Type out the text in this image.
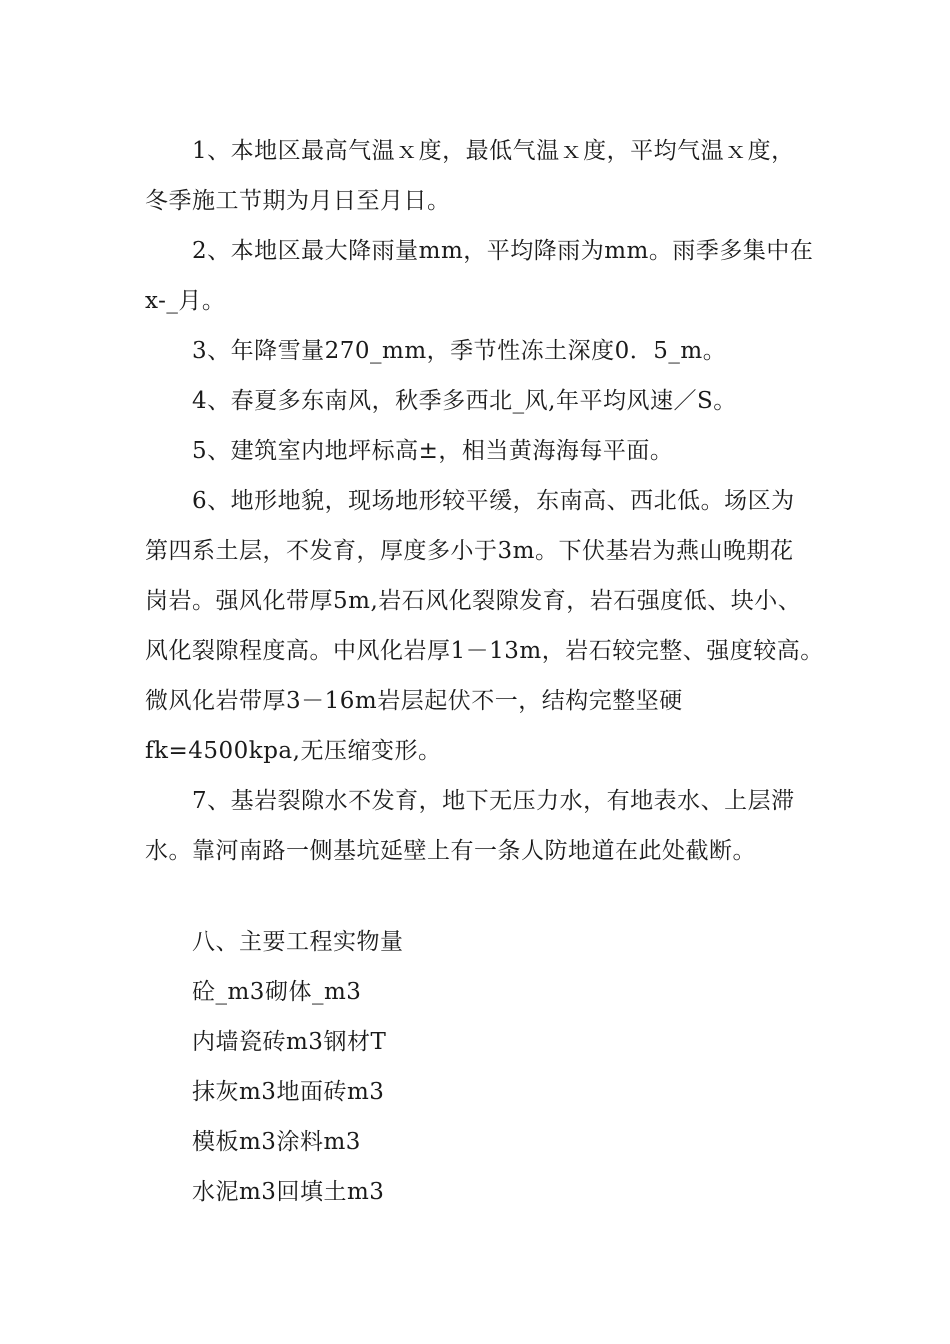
1、本地区最高气温ｘ度，最低气温ｘ度，平均气温ｘ度，
冬季施工节期为月日至月日。
2、本地区最大降雨量mm，平均降雨为mm。雨季多集中在
x-_月。
3、年降雪量270_mm，季节性冻土深度0．5_m。
4、春夏多东南风，秋季多西北_风,年平均风速／S。
5、建筑室内地坪标高±，相当黄海海每平面。
6、地形地貌，现场地形较平缓，东南高、西北低。场区为
第四系土层，不发育，厚度多小于3m。下伏基岩为燕山晚期花
岗岩。强风化带厚5m,岩石风化裂隙发育，岩石强度低、块小、
风化裂隙程度高。中风化岩厚1－13m，岩石较完整、强度较高。
微风化岩带厚3－16m岩层起伏不一，结构完整坚硬
fk=4500kpa,无压缩变形。
7、基岩裂隙水不发育，地下无压力水，有地表水、上层滞
水。靠河南路一侧基坑延壁上有一条人防地道在此处截断。
八、主要工程实物量
砼_m3砌体_m3
内墙瓷砖m3钢材T
抹灰m3地面砖m3
模板m3涂料m3
水泥m3回填土m3
